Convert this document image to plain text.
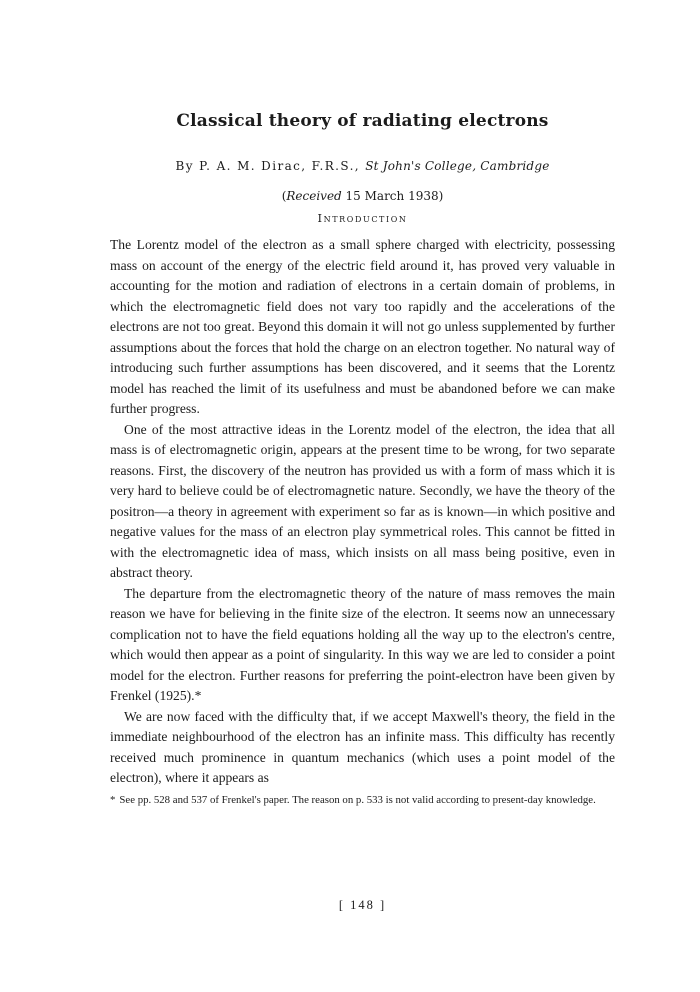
Classical theory of radiating electrons
By P. A. M. Dirac, F.R.S., St John's College, Cambridge
(Received 15 March 1938)
Introduction

The Lorentz model of the electron as a small sphere charged with electricity, possessing mass on account of the energy of the electric field around it, has proved very valuable in accounting for the motion and radiation of electrons in a certain domain of problems, in which the electromagnetic field does not vary too rapidly and the accelerations of the electrons are not too great. Beyond this domain it will not go unless supplemented by further assumptions about the forces that hold the charge on an electron together. No natural way of introducing such further assumptions has been discovered, and it seems that the Lorentz model has reached the limit of its usefulness and must be abandoned before we can make further progress.

One of the most attractive ideas in the Lorentz model of the electron, the idea that all mass is of electromagnetic origin, appears at the present time to be wrong, for two separate reasons. First, the discovery of the neutron has provided us with a form of mass which it is very hard to believe could be of electromagnetic nature. Secondly, we have the theory of the positron—a theory in agreement with experiment so far as is known—in which positive and negative values for the mass of an electron play symmetrical roles. This cannot be fitted in with the electromagnetic idea of mass, which insists on all mass being positive, even in abstract theory.

The departure from the electromagnetic theory of the nature of mass removes the main reason we have for believing in the finite size of the electron. It seems now an unnecessary complication not to have the field equations holding all the way up to the electron's centre, which would then appear as a point of singularity. In this way we are led to consider a point model for the electron. Further reasons for preferring the point-electron have been given by Frenkel (1925).*

We are now faced with the difficulty that, if we accept Maxwell's theory, the field in the immediate neighbourhood of the electron has an infinite mass. This difficulty has recently received much prominence in quantum mechanics (which uses a point model of the electron), where it appears as

* See pp. 528 and 537 of Frenkel's paper. The reason on p. 533 is not valid according to present-day knowledge.
[ 148 ]
